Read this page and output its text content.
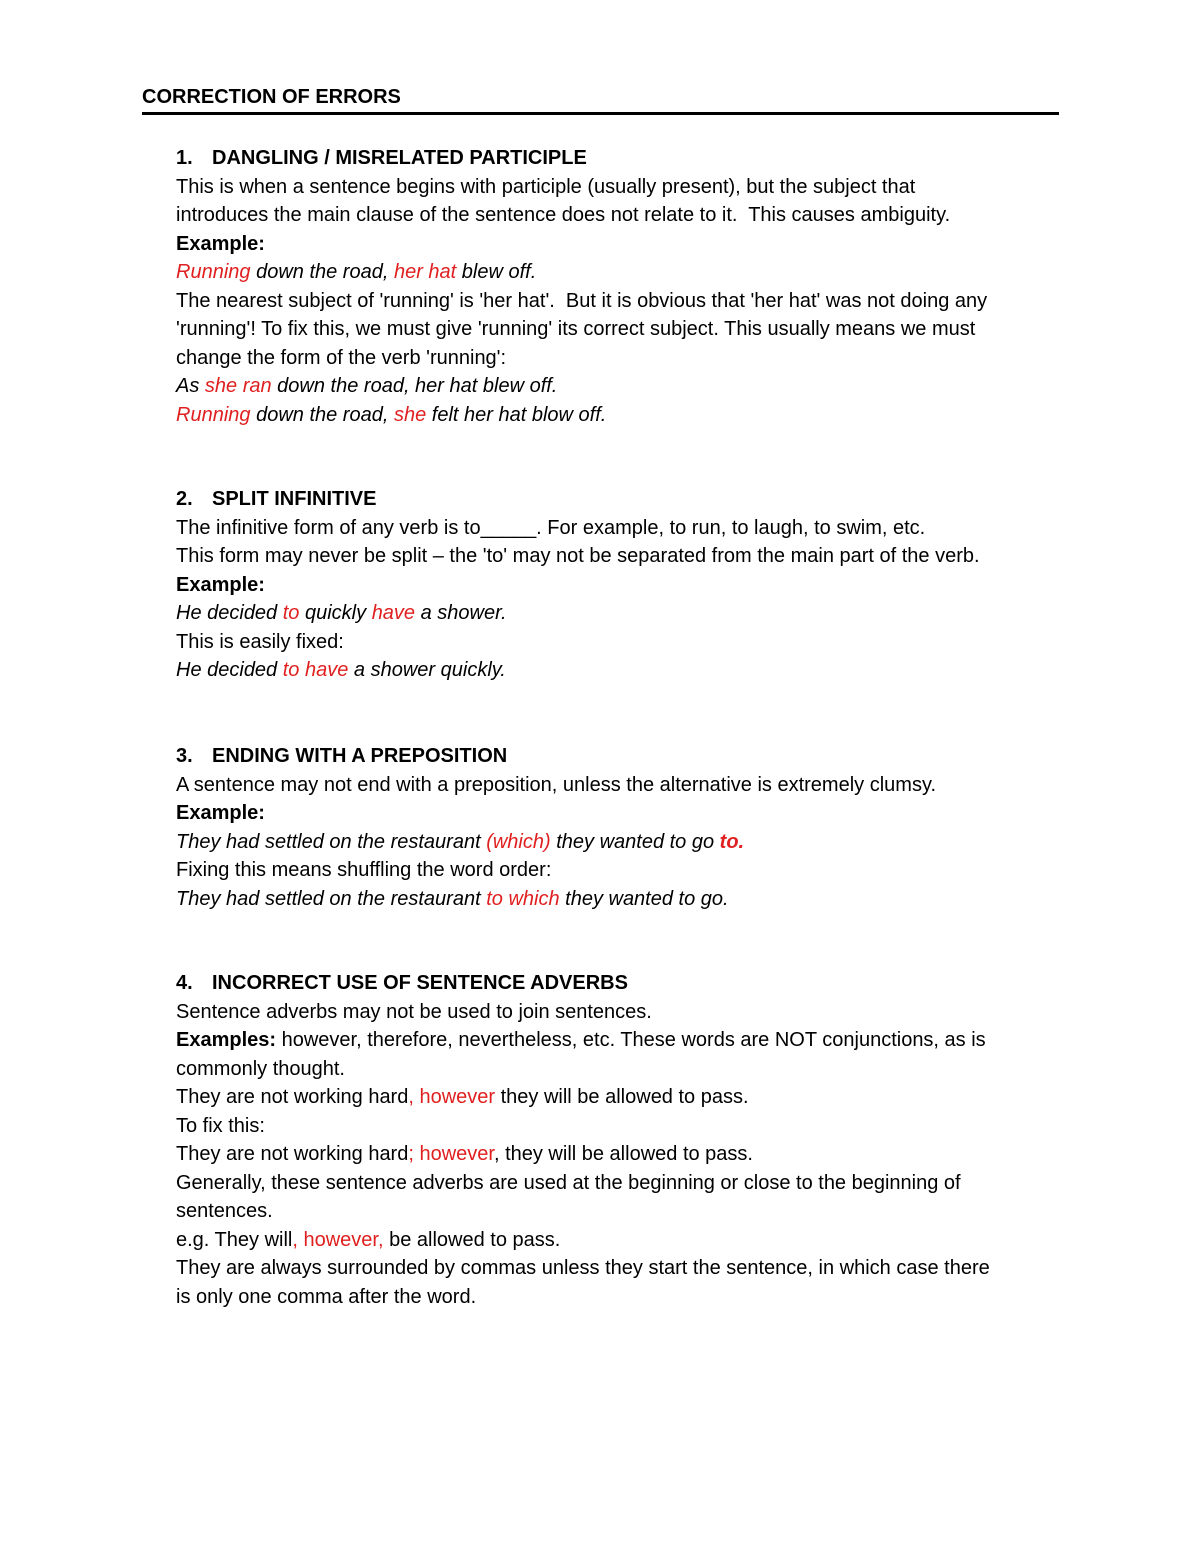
CORRECTION OF ERRORS
1. DANGLING / MISRELATED PARTICIPLE
This is when a sentence begins with participle (usually present), but the subject that
introduces the main clause of the sentence does not relate to it.  This causes ambiguity.
Example:
Running down the road, her hat blew off.
The nearest subject of 'running' is 'her hat'.  But it is obvious that 'her hat' was not doing any
'running'! To fix this, we must give 'running' its correct subject. This usually means we must
change the form of the verb 'running':
As she ran down the road, her hat blew off.
Running down the road, she felt her hat blow off.
2. SPLIT INFINITIVE
The infinitive form of any verb is to_____. For example, to run, to laugh, to swim, etc.
This form may never be split – the 'to' may not be separated from the main part of the verb.
Example:
He decided to quickly have a shower.
This is easily fixed:
He decided to have a shower quickly.
3. ENDING WITH A PREPOSITION
A sentence may not end with a preposition, unless the alternative is extremely clumsy.
Example:
They had settled on the restaurant (which) they wanted to go to.
Fixing this means shuffling the word order:
They had settled on the restaurant to which they wanted to go.
4. INCORRECT USE OF SENTENCE ADVERBS
Sentence adverbs may not be used to join sentences.
Examples: however, therefore, nevertheless, etc. These words are NOT conjunctions, as is
commonly thought.
They are not working hard, however they will be allowed to pass.
To fix this:
They are not working hard; however, they will be allowed to pass.
Generally, these sentence adverbs are used at the beginning or close to the beginning of
sentences.
e.g. They will, however, be allowed to pass.
They are always surrounded by commas unless they start the sentence, in which case there
is only one comma after the word.
